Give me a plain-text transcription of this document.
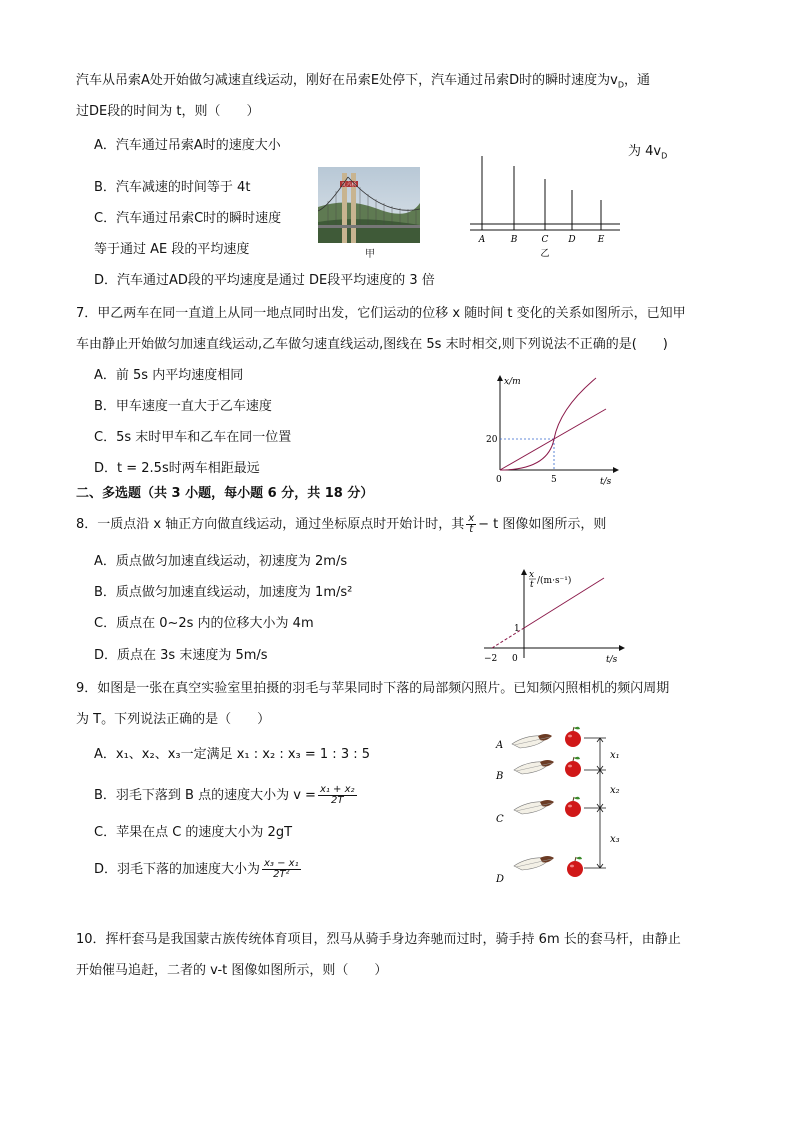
汽车从吊索A处开始做匀减速直线运动，刚好在吊索E处停下，汽车通过吊索D时的瞬时速度为$v_D$，通
过DE段的时间为 t，则（　　）
A．汽车通过吊索A时的速度大小	为 $4v_D$
B．汽车减速的时间等于 4t
C．汽车通过吊索C时的瞬时速度
等于通过 AE 段的平均速度
D．汽车通过AD段的平均速度是通过 DE段平均速度的 3 倍
瓦六桥
甲
A	B	C D E
乙
7．甲乙两车在同一直道上从同一地点同时出发，它们运动的位移 x 随时间 t 变化的关系如图所示，已知甲
车由静止开始做匀加速直线运动,乙车做匀速直线运动,图线在 5s 末时相交,则下列说法不正确的是(　　)
A．前 5s 内平均速度相同
B．甲车速度一直大于乙车速度
C．5s 末时甲车和乙车在同一位置
D．t = 2.5s时两车相距最远
x/m
t/s
20
5
0
二、多选题（共 3 小题，每小题 6 分，共 18 分）
8．一质点沿 x 轴正方向做直线运动，通过坐标原点时开始计时，其 $\frac{x}{t} - t$ 图像如图所示，则
A．质点做匀加速直线运动，初速度为 2m/s
B．质点做匀加速直线运动，加速度为 1m/s²
C．质点在 0~2s 内的位移大小为 4m
D．质点在 3s 末速度为 5m/s
x
t /(m·s⁻¹)
t/s
1
−2 0
9．如图是一张在真空实验室里拍摄的羽毛与苹果同时下落的局部频闪照片。已知频闪照相机的频闪周期
为 T。下列说法正确的是（　　）
A．x₁、x₂、x₃一定满足 x₁ : x₂ : x₃ = 1 : 3 : 5
B．羽毛下落到 B 点的速度大小为 $v = \frac{\text{x₁ + x₂}}{2T}$
C．苹果在点 C 的速度大小为 2gT
D．羽毛下落的加速度大小为 $\frac{\text{x₃ − x₁}}{\text{2T²}}$
A
B
C
D
x₁
x₂
x₃
10．挥杆套马是我国蒙古族传统体育项目，烈马从骑手身边奔驰而过时，骑手持 6m 长的套马杆，由静止
开始催马追赶，二者的 v-t 图像如图所示，则（　　）
